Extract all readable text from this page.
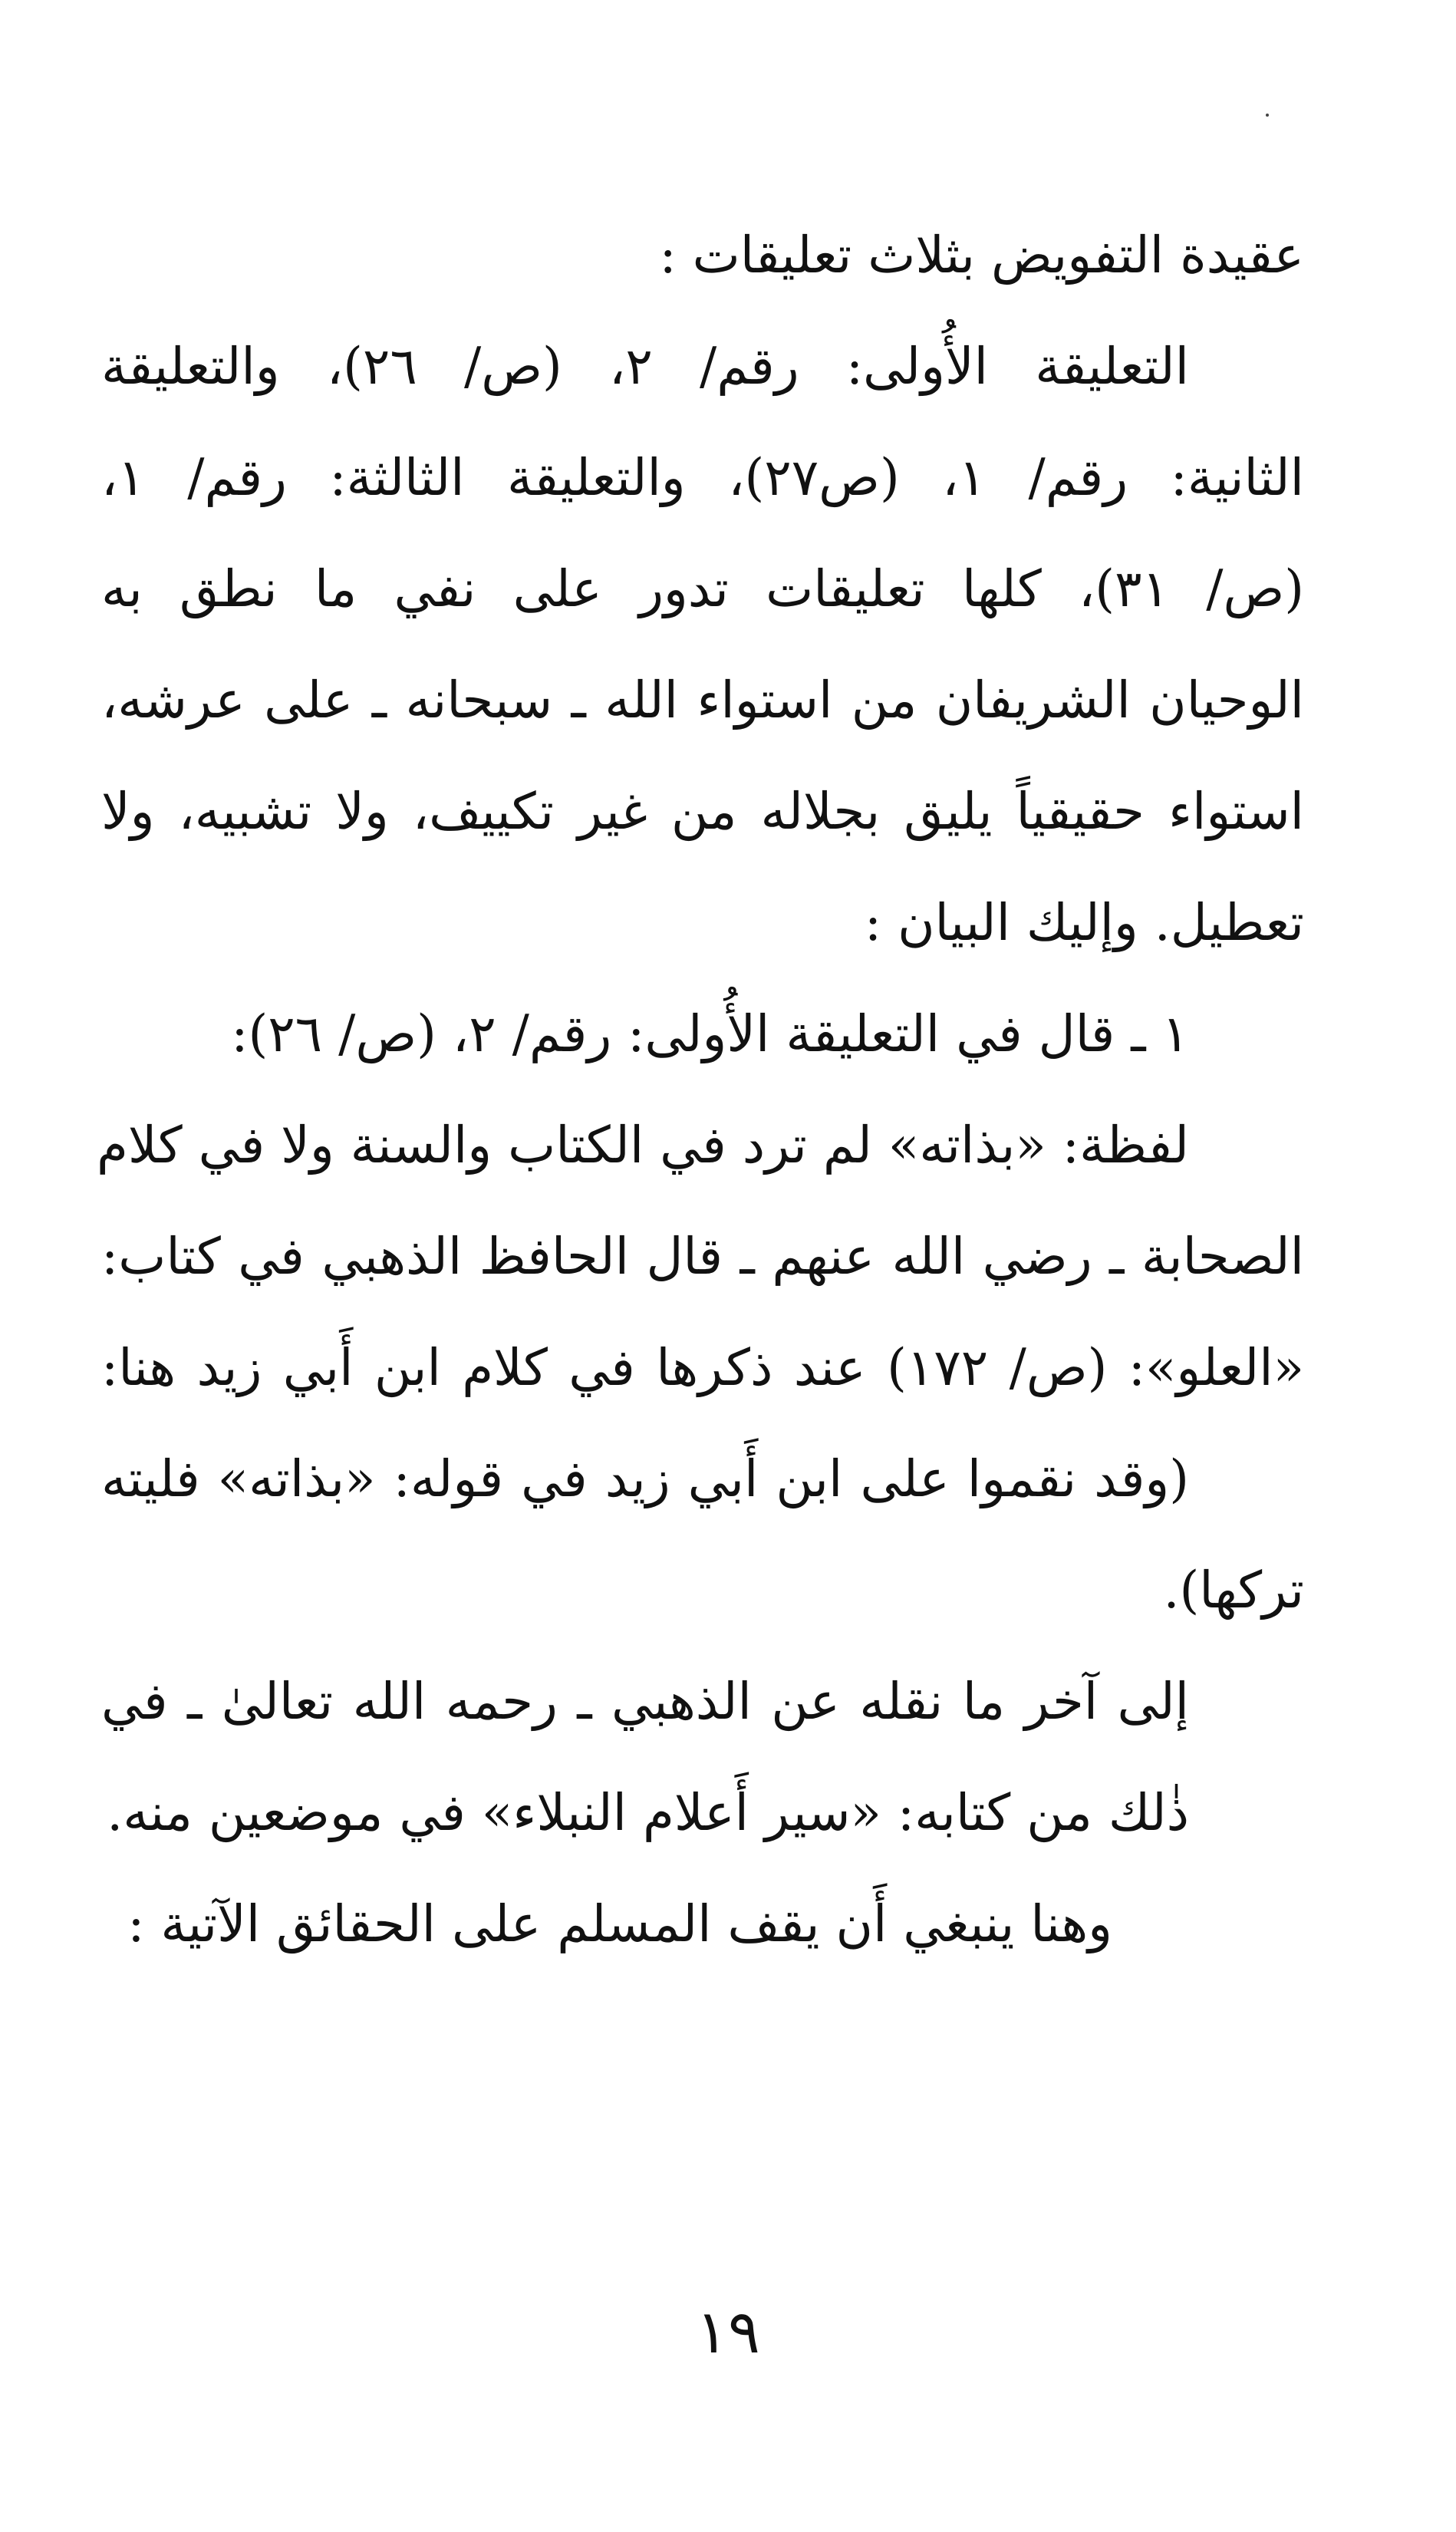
عقيدة التفويض بثلاث تعليقات :
التعليقة الأُولى: رقم/ ٢، (ص/ ٢٦)، والتعليقة
الثانية: رقم/ ١، (ص٢٧)، والتعليقة الثالثة: رقم/ ١،
(ص/ ٣١)، كلها تعليقات تدور على نفي ما نطق به
الوحيان الشريفان من استواء الله ـ سبحانه ـ على عرشه،
استواء حقيقياً يليق بجلاله من غير تكييف، ولا تشبيه، ولا
تعطيل. وإليك البيان :
١ ـ قال في التعليقة الأُولى: رقم/ ٢، (ص/ ٢٦):
لفظة: «بذاته» لم ترد في الكتاب والسنة ولا في كلام
الصحابة ـ رضي الله عنهم ـ قال الحافظ الذهبي في كتاب:
«العلو»: (ص/ ١٧٢) عند ذكرها في كلام ابن أَبي زيد هنا:
(وقد نقموا على ابن أَبي زيد في قوله: «بذاته» فليته
تركها).
إلى آخر ما نقله عن الذهبي ـ رحمه الله تعالىٰ ـ في
ذٰلك من كتابه: «سير أَعلام النبلاء» في موضعين منه.
وهنا ينبغي أَن يقف المسلم على الحقائق الآتية :
١٩
